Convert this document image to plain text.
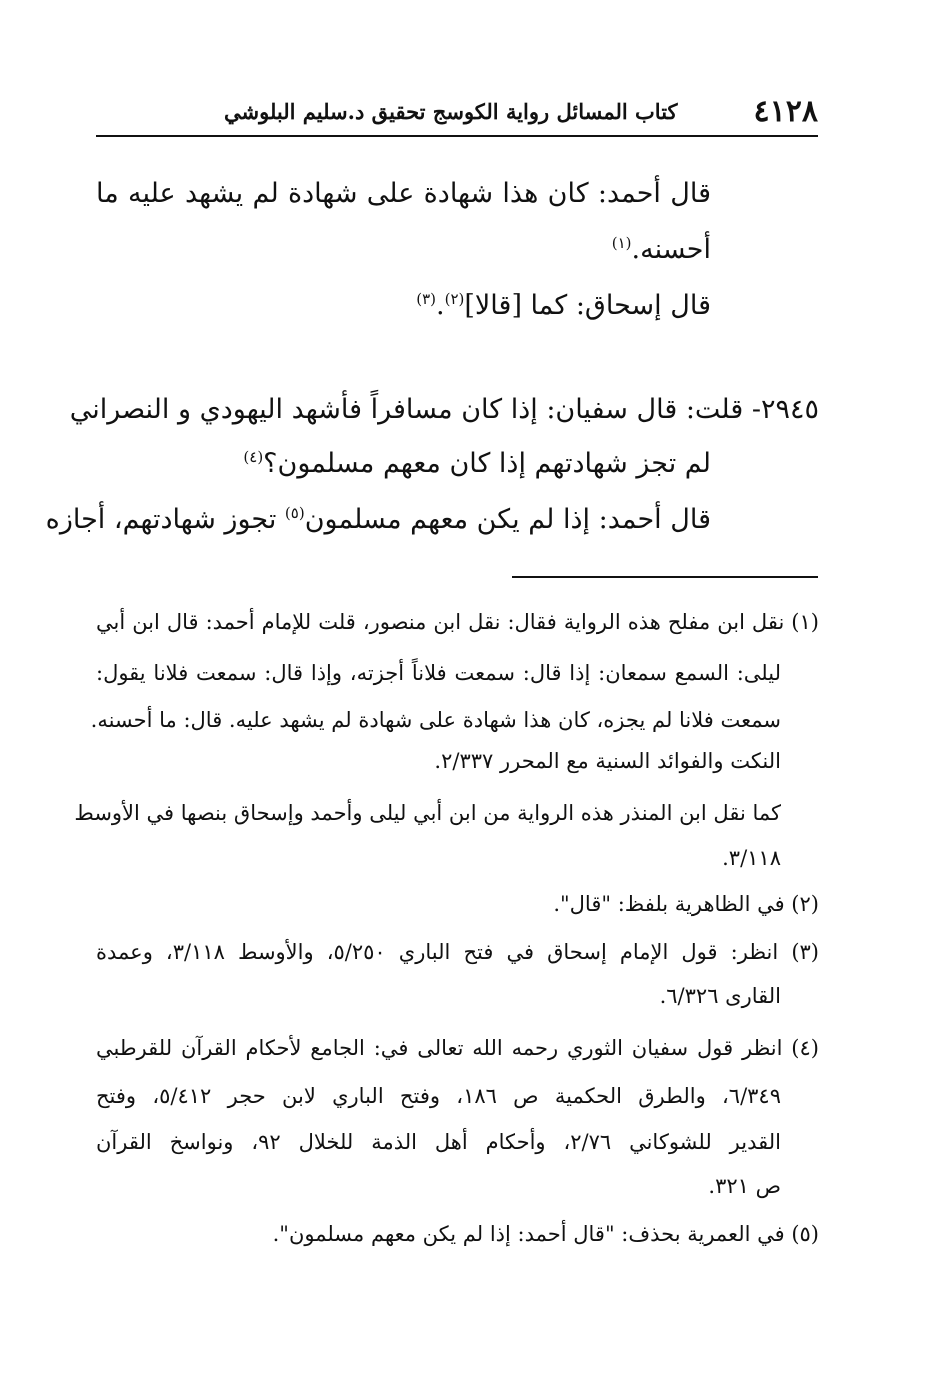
٤١٢٨
كتاب المسائل رواية الكوسج تحقيق د.سليم البلوشي
قال أحمد: كان هذا شهادة على شهادة لم يشهد عليه ما
أحسنه.$^{(١)}$
قال إسحاق: كما [قالا]$^{(٢)}$.$^{(٣)}$
٢٩٤٥- قلت: قال سفيان: إذا كان مسافراً فأشهد اليهودي و النصراني
لم تجز شهادتهم إذا كان معهم مسلمون؟$^{(٤)}$
قال أحمد: إذا لم يكن معهم مسلمون$^{(٥)}$ تجوز شهادتهم، أجازه
(١) نقل ابن مفلح هذه الرواية فقال: نقل ابن منصور، قلت للإمام أحمد: قال ابن أبي
ليلى: السمع سمعان: إذا قال: سمعت فلاناً أجزته، وإذا قال: سمعت فلانا يقول:
سمعت فلانا لم يجزه، كان هذا شهادة على شهادة لم يشهد عليه. قال: ما أحسنه.
النكت والفوائد السنية مع المحرر ٢/٣٣٧.
كما نقل ابن المنذر هذه الرواية من ابن أبي ليلى وأحمد وإسحاق بنصها في الأوسط
٣/١١٨.
(٢) في الظاهرية بلفظ: "قال".
(٣) انظر: قول الإمام إسحاق في فتح الباري ٥/٢٥٠، والأوسط ٣/١١٨، وعمدة
القارى ٦/٣٢٦.
(٤) انظر قول سفيان الثوري رحمه الله تعالى في: الجامع لأحكام القرآن للقرطبي
٦/٣٤٩، والطرق الحكمية ص ١٨٦، وفتح الباري لابن حجر ٥/٤١٢، وفتح
القدير للشوكاني ٢/٧٦، وأحكام أهل الذمة للخلال ٩٢، ونواسخ القرآن
ص ٣٢١.
(٥) في العمرية بحذف: "قال أحمد: إذا لم يكن معهم مسلمون".
